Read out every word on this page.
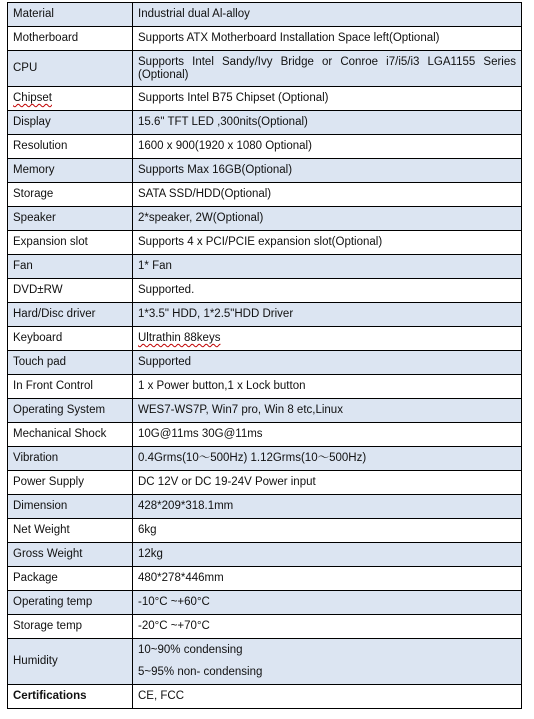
Material	Industrial dual Al-alloy
Motherboard	Supports ATX Motherboard Installation Space left(Optional)
CPU	Supports Intel Sandy/Ivy Bridge or Conroe i7/i5/i3 LGA1155 Series (Optional)
Chipset	Supports Intel B75 Chipset (Optional)
Display	15.6" TFT LED ,300nits(Optional)
Resolution	1600 x 900(1920 x 1080 Optional)
Memory	Supports Max 16GB(Optional)
Storage	SATA SSD/HDD(Optional)
Speaker	2*speaker, 2W(Optional)
Expansion slot	Supports 4 x PCI/PCIE expansion slot(Optional)
Fan	1* Fan
DVD±RW	Supported.
Hard/Disc driver	1*3.5" HDD, 1*2.5"HDD Driver
Keyboard	Ultrathin 88keys
Touch pad	Supported
In Front Control	1 x Power button,1 x Lock button
Operating System	WES7-WS7P, Win7 pro, Win 8 etc,Linux
Mechanical Shock	10G@11ms 30G@11ms
Vibration	0.4Grms(10～500Hz) 1.12Grms(10～500Hz)
Power Supply	DC 12V or DC 19-24V Power input
Dimension	428*209*318.1mm
Net Weight	6kg
Gross Weight	12kg
Package	480*278*446mm
Operating temp	-10°C ~+60°C
Storage temp	-20°C ~+70°C
Humidity	10~90% condensing
5~95% non- condensing

Certifications	CE, FCC
